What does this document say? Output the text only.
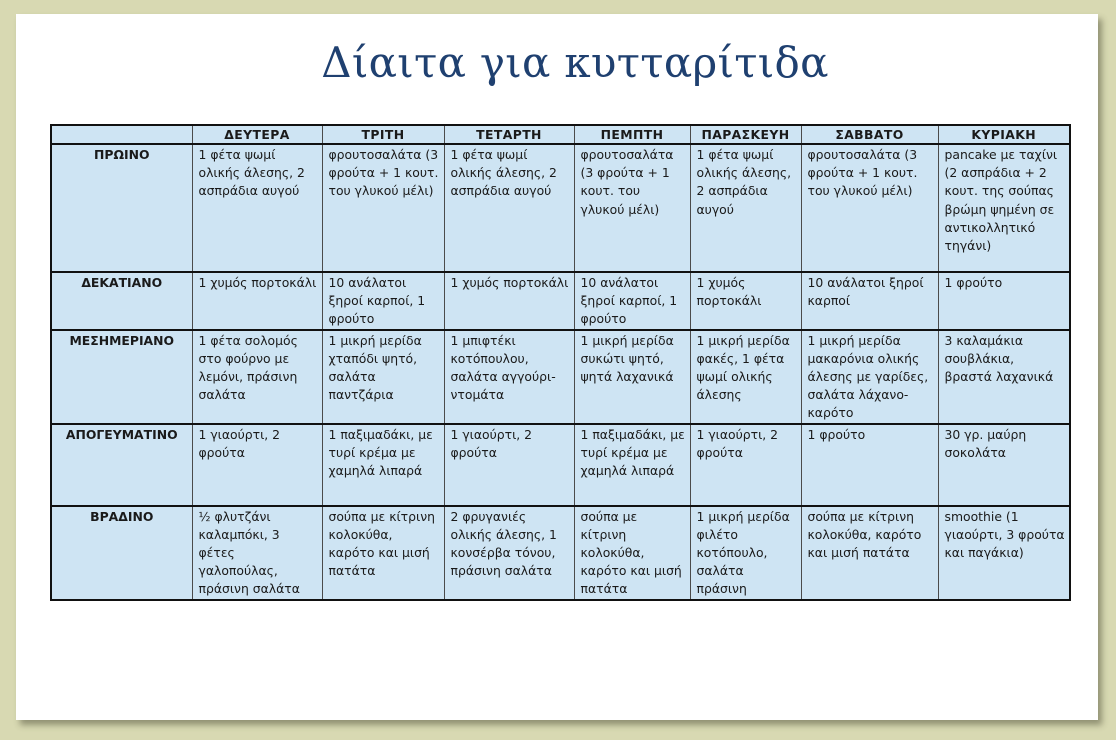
Δίαιτα για κυτταρίτιδα
	ΔΕΥΤΕΡΑ	ΤΡΙΤΗ	ΤΕΤΑΡΤΗ	ΠΕΜΠΤΗ	ΠΑΡΑΣΚΕΥΗ	ΣΑΒΒΑΤΟ	ΚΥΡΙΑΚΗ
ΠΡΩΙΝΟ	1 φέτα ψωμί ολικής άλεσης, 2 ασπράδια αυγού	φρουτοσαλάτα (3 φρούτα + 1 κουτ. του γλυκού μέλι)	1 φέτα ψωμί ολικής άλεσης, 2 ασπράδια αυγού	φρουτοσαλάτα (3 φρούτα + 1 κουτ. του γλυκού μέλι)	1 φέτα ψωμί ολικής άλεσης, 2 ασπράδια αυγού	φρουτοσαλάτα (3 φρούτα + 1 κουτ. του γλυκού μέλι)	pancake με ταχίνι (2 ασπράδια + 2 κουτ. της σούπας βρώμη ψημένη σε αντικολλητικό τηγάνι)
ΔΕΚΑΤΙΑΝΟ	1 χυμός πορτοκάλι	10 ανάλατοι ξηροί καρποί, 1 φρούτο	1 χυμός πορτοκάλι	10 ανάλατοι ξηροί καρποί, 1 φρούτο	1 χυμός πορτοκάλι	10 ανάλατοι ξηροί καρποί	1 φρούτο
ΜΕΣΗΜΕΡΙΑΝΟ	1 φέτα σολομός στο φούρνο με λεμόνι, πράσινη σαλάτα	1 μικρή μερίδα χταπόδι ψητό, σαλάτα παντζάρια	1 μπιφτέκι κοτόπουλου, σαλάτα αγγούρι-ντομάτα	1 μικρή μερίδα συκώτι ψητό, ψητά λαχανικά	1 μικρή μερίδα φακές, 1 φέτα ψωμί ολικής άλεσης	1 μικρή μερίδα μακαρόνια ολικής άλεσης με γαρίδες, σαλάτα λάχανο-καρότο	3 καλαμάκια σουβλάκια, βραστά λαχανικά
ΑΠΟΓΕΥΜΑΤΙΝΟ	1 γιαούρτι, 2 φρούτα	1 παξιμαδάκι, με τυρί κρέμα με χαμηλά λιπαρά	1 γιαούρτι, 2 φρούτα	1 παξιμαδάκι, με τυρί κρέμα με χαμηλά λιπαρά	1 γιαούρτι, 2 φρούτα	1 φρούτο	30 γρ. μαύρη σοκολάτα
ΒΡΑΔΙΝΟ	½ φλυτζάνι καλαμπόκι, 3 φέτες γαλοπούλας, πράσινη σαλάτα	σούπα με κίτρινη κολοκύθα, καρότο και μισή πατάτα	2 φρυγανιές ολικής άλεσης, 1 κονσέρβα τόνου, πράσινη σαλάτα	σούπα με κίτρινη κολοκύθα, καρότο και μισή πατάτα	1 μικρή μερίδα φιλέτο κοτόπουλο, σαλάτα πράσινη	σούπα με κίτρινη κολοκύθα, καρότο και μισή πατάτα	smoothie (1 γιαούρτι, 3 φρούτα και παγάκια)
